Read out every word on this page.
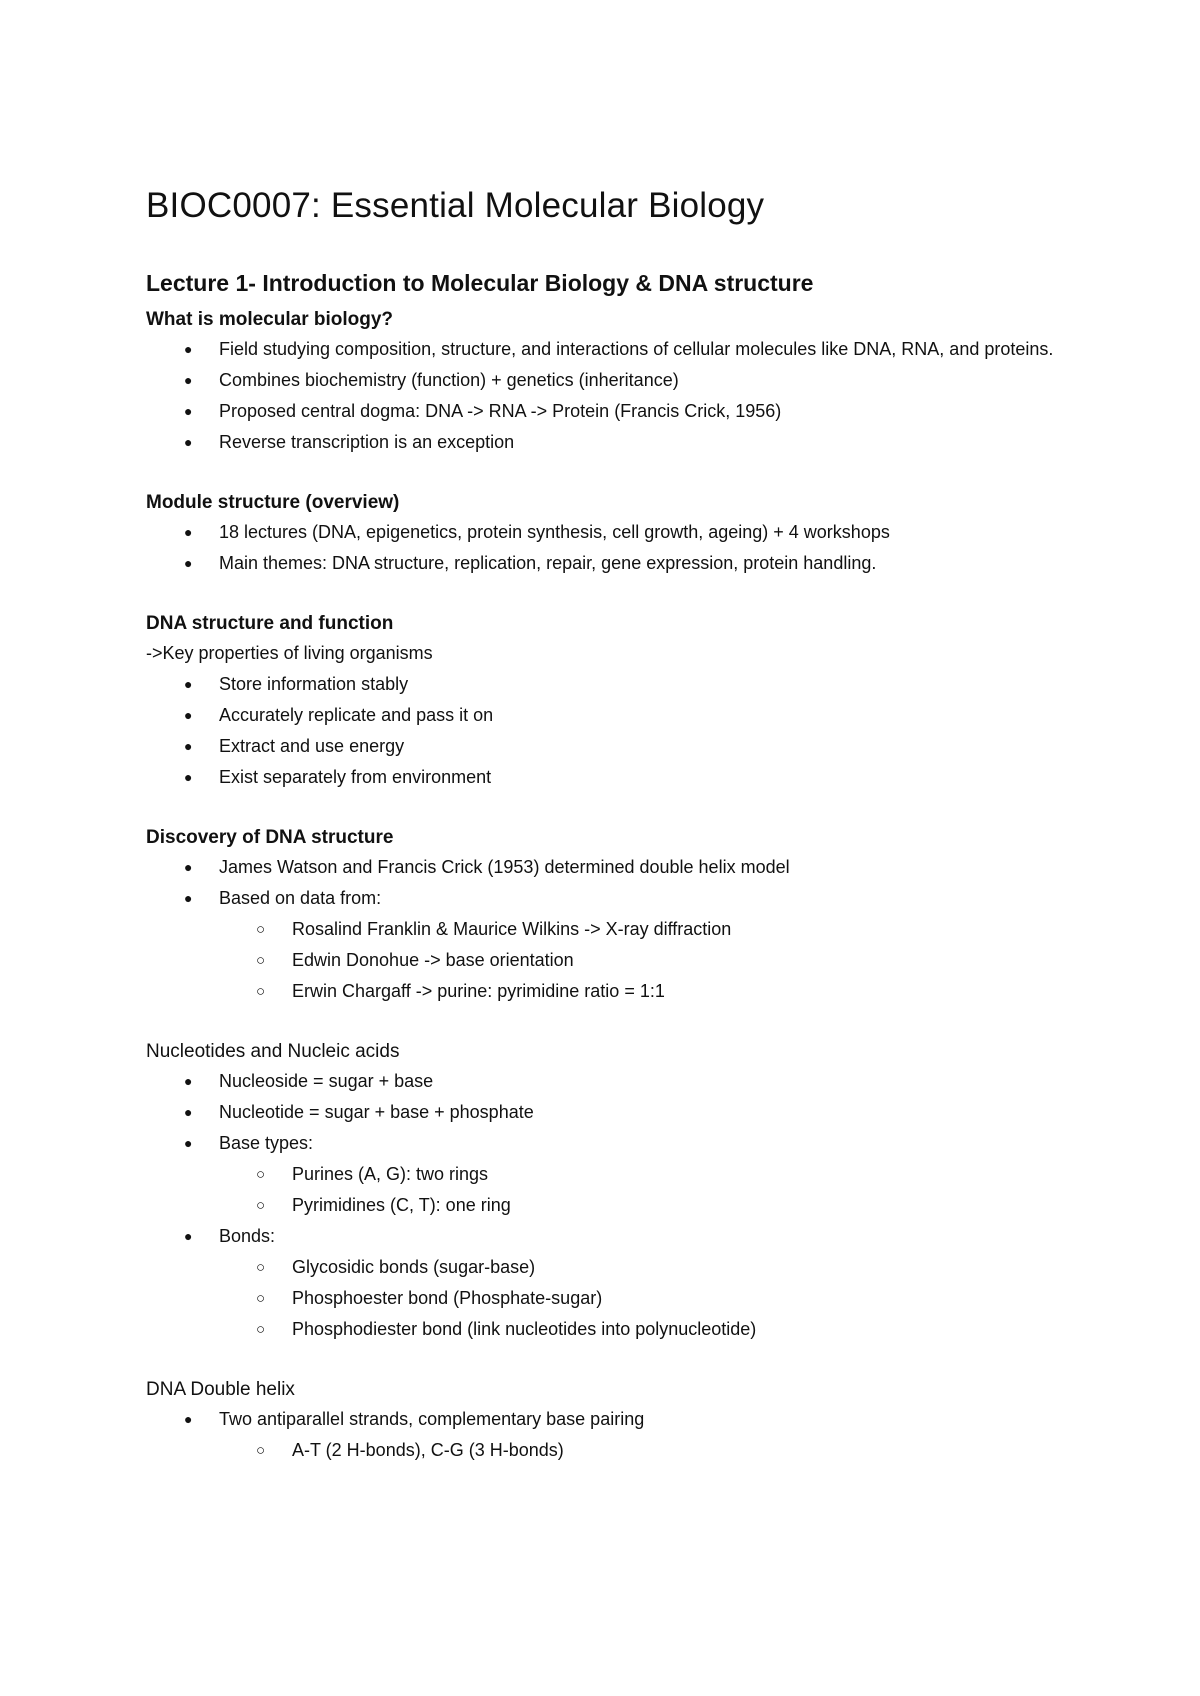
BIOC0007: Essential Molecular Biology
Lecture 1- Introduction to Molecular Biology & DNA structure

What is molecular biology?

● Field studying composition, structure, and interactions of cellular molecules like DNA, RNA, and proteins.
● Combines biochemistry (function) + genetics (inheritance)
● Proposed central dogma: DNA -> RNA -> Protein (Francis Crick, 1956)
● Reverse transcription is an exception

Module structure (overview)

● 18 lectures (DNA, epigenetics, protein synthesis, cell growth, ageing) + 4 workshops
● Main themes: DNA structure, replication, repair, gene expression, protein handling.

DNA structure and function

->Key properties of living organisms

● Store information stably
● Accurately replicate and pass it on
● Extract and use energy
● Exist separately from environment

Discovery of DNA structure

● James Watson and Francis Crick (1953) determined double helix model
● Based on data from:
○ Rosalind Franklin & Maurice Wilkins -> X-ray diffraction
○ Edwin Donohue -> base orientation
○ Erwin Chargaff -> purine: pyrimidine ratio = 1:1

Nucleotides and Nucleic acids

● Nucleoside = sugar + base
● Nucleotide = sugar + base + phosphate
● Base types:
○ Purines (A, G): two rings
○ Pyrimidines (C, T): one ring
● Bonds:
○ Glycosidic bonds (sugar-base)
○ Phosphoester bond (Phosphate-sugar)
○ Phosphodiester bond (link nucleotides into polynucleotide)

DNA Double helix

● Two antiparallel strands, complementary base pairing
○ A-T (2 H-bonds), C-G (3 H-bonds)
